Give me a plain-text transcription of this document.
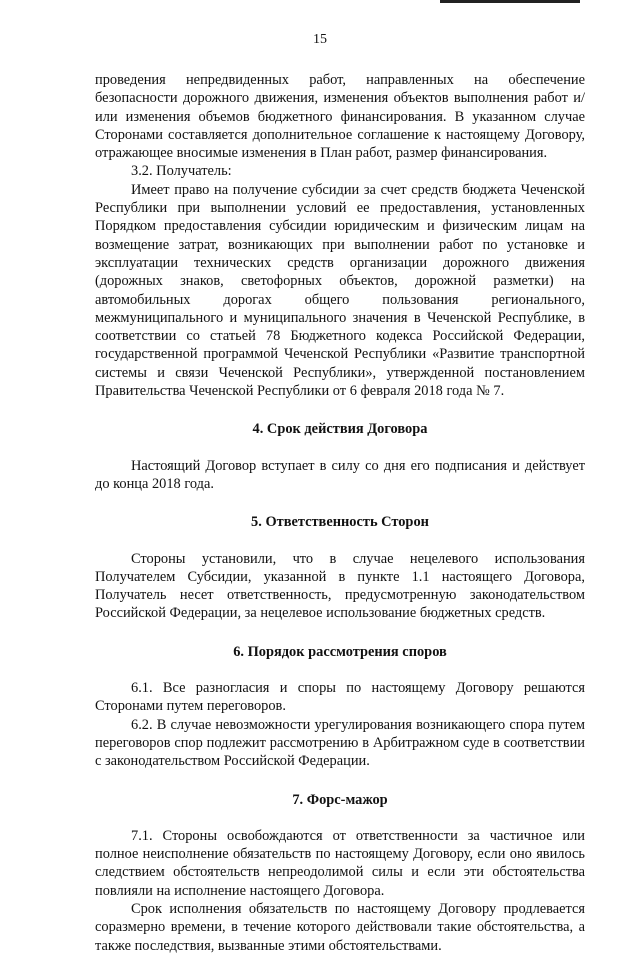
15

проведения непредвиденных работ, направленных на обеспечение безопасности дорожного движения, изменения объектов выполнения работ и/или изменения объемов бюджетного финансирования. В указанном случае Сторонами составляется дополнительное соглашение к настоящему Договору, отражающее вносимые изменения в План работ, размер финансирования.

3.2. Получатель:

Имеет право на получение субсидии за счет средств бюджета Чеченской Республики при выполнении условий ее предоставления, установленных Порядком предоставления субсидии юридическим и физическим лицам на возмещение затрат, возникающих при выполнении работ по установке и эксплуатации технических средств организации дорожного движения (дорожных знаков, светофорных объектов, дорожной разметки) на автомобильных дорогах общего пользования регионального, межмуниципального и муниципального значения в Чеченской Республике, в соответствии со статьей 78 Бюджетного кодекса Российской Федерации, государственной программой Чеченской Республики «Развитие транспортной системы и связи Чеченской Республики», утвержденной постановлением Правительства Чеченской Республики от 6 февраля 2018 года № 7.

4. Срок действия Договора

Настоящий Договор вступает в силу со дня его подписания и действует до конца 2018 года.

5. Ответственность Сторон

Стороны установили, что в случае нецелевого использования Получателем Субсидии, указанной в пункте 1.1 настоящего Договора, Получатель несет ответственность, предусмотренную законодательством Российской Федерации, за нецелевое использование бюджетных средств.

6. Порядок рассмотрения споров

6.1. Все разногласия и споры по настоящему Договору решаются Сторонами путем переговоров.

6.2. В случае невозможности урегулирования возникающего спора путем переговоров спор подлежит рассмотрению в Арбитражном суде в соответствии с законодательством Российской Федерации.

7. Форс-мажор

7.1. Стороны освобождаются от ответственности за частичное или полное неисполнение обязательств по настоящему Договору, если оно явилось следствием обстоятельств непреодолимой силы и если эти обстоятельства повлияли на исполнение настоящего Договора.

Срок исполнения обязательств по настоящему Договору продлевается соразмерно времени, в течение которого действовали такие обстоятельства, а также последствия, вызванные этими обстоятельствами.
